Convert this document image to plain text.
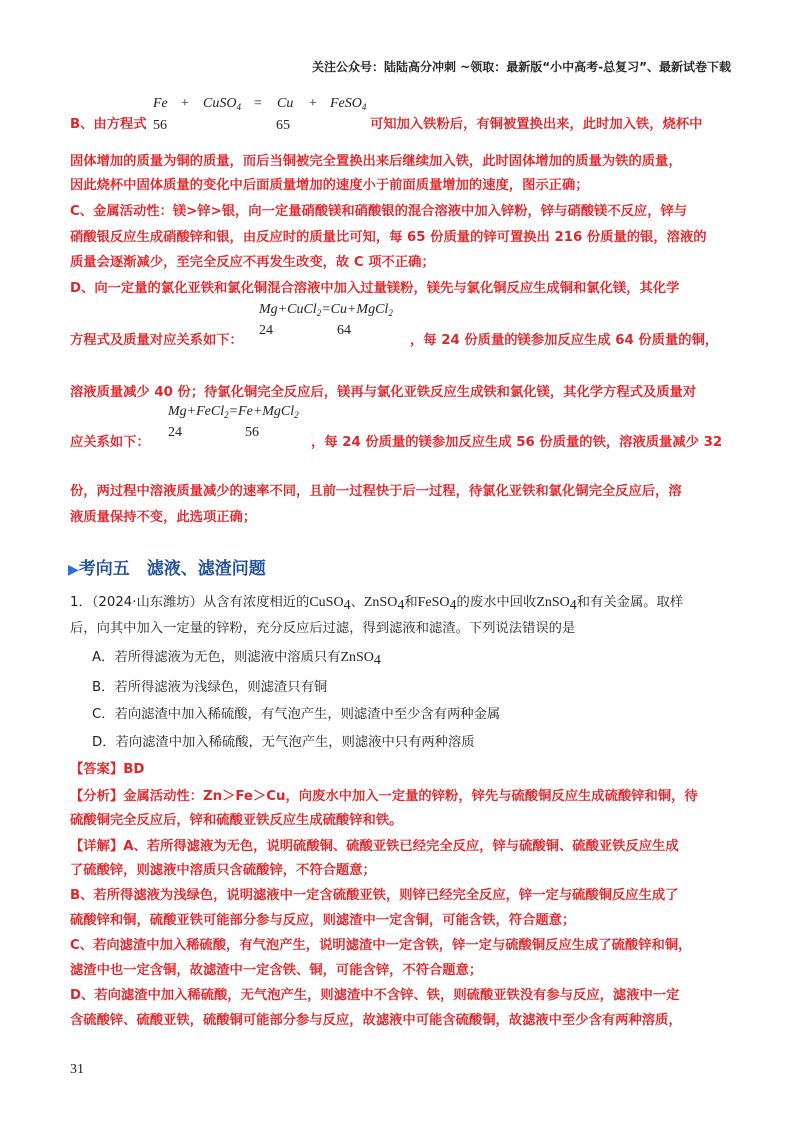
关注公众号：陆陆高分冲刺 ~领取：最新版“小中高考-总复习”、最新试卷下载
B、由方程式
Fe + CuSO$_4$ = Cu + FeSO$_4$
56	65	可知加入铁粉后，有铜被置换出来，此时加入铁，烧杯中
固体增加的质量为铜的质量，而后当铜被完全置换出来后继续加入铁，此时固体增加的质量为铁的质量，
因此烧杯中固体质量的变化中后面质量增加的速度小于前面质量增加的速度，图示正确；
C、金属活动性：镁>锌>银，向一定量硝酸镁和硝酸银的混合溶液中加入锌粉，锌与硝酸镁不反应，锌与
硝酸银反应生成硝酸锌和银，由反应时的质量比可知，每 65 份质量的锌可置换出 216 份质量的银，溶液的
质量会逐渐减少，至完全反应不再发生改变，故 C 项不正确；
D、向一定量的氯化亚铁和氯化铜混合溶液中加入过量镁粉，镁先与氯化铜反应生成铜和氯化镁，其化学
Mg+CuCl$_2$=Cu+MgCl$_2$
方程式及质量对应关系如下：
24	64
，每 24 份质量的镁参加反应生成 64 份质量的铜，
溶液质量减少 40 份；待氯化铜完全反应后，镁再与氯化亚铁反应生成铁和氯化镁，其化学方程式及质量对
Mg+FeCl$_2$=Fe+MgCl$_2$
应关系如下：
24	56
，每 24 份质量的镁参加反应生成 56 份质量的铁，溶液质量减少 32
份，两过程中溶液质量减少的速率不同，且前一过程快于后一过程，待氯化亚铁和氯化铜完全反应后，溶
液质量保持不变，此选项正确；
▶考向五　滤液、滤渣问题
1．（2024·山东潍坊）从含有浓度相近的CuSO$_4$、ZnSO$_4$和FeSO$_4$的废水中回收ZnSO$_4$和有关金属。取样
后，向其中加入一定量的锌粉，充分反应后过滤，得到滤液和滤渣。下列说法错误的是
A．若所得滤液为无色，则滤液中溶质只有ZnSO$_4$
B．若所得滤液为浅绿色，则滤渣只有铜
C．若向滤渣中加入稀硫酸，有气泡产生，则滤渣中至少含有两种金属
D．若向滤渣中加入稀硫酸，无气泡产生，则滤液中只有两种溶质
【答案】BD
【分析】金属活动性：Zn＞Fe＞Cu，向废水中加入一定量的锌粉，锌先与硫酸铜反应生成硫酸锌和铜，待
硫酸铜完全反应后，锌和硫酸亚铁反应生成硫酸锌和铁。
【详解】A、若所得滤液为无色，说明硫酸铜、硫酸亚铁已经完全反应，锌与硫酸铜、硫酸亚铁反应生成
了硫酸锌，则滤液中溶质只含硫酸锌，不符合题意；
B、若所得滤液为浅绿色，说明滤液中一定含硫酸亚铁，则锌已经完全反应，锌一定与硫酸铜反应生成了
硫酸锌和铜，硫酸亚铁可能部分参与反应，则滤渣中一定含铜，可能含铁，符合题意；
C、若向滤渣中加入稀硫酸，有气泡产生，说明滤渣中一定含铁，锌一定与硫酸铜反应生成了硫酸锌和铜，
滤渣中也一定含铜，故滤渣中一定含铁、铜，可能含锌，不符合题意；
D、若向滤渣中加入稀硫酸，无气泡产生，则滤渣中不含锌、铁，则硫酸亚铁没有参与反应，滤液中一定
含硫酸锌、硫酸亚铁，硫酸铜可能部分参与反应，故滤液中可能含硫酸铜，故滤液中至少含有两种溶质，
31
